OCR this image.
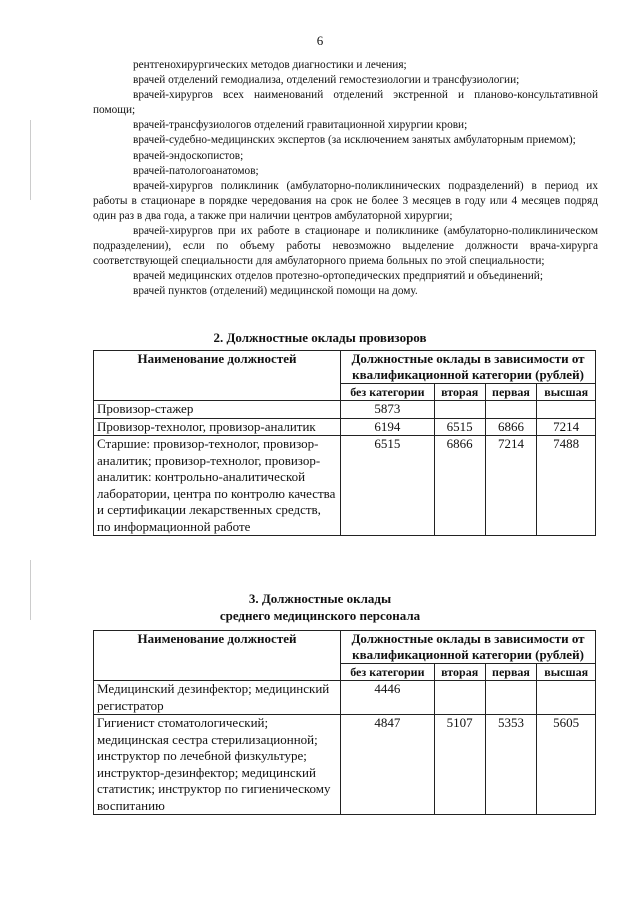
6

рентгенохирургических методов диагностики и лечения;

врачей отделений гемодиализа, отделений гемостезиологии и трансфузиологии;

врачей-хирургов всех наименований отделений экстренной и планово-консультативной помощи;

врачей-трансфузиологов отделений гравитационной хирургии крови;

врачей-судебно-медицинских экспертов (за исключением занятых амбулаторным приемом);

врачей-эндоскопистов;

врачей-патологоанатомов;

врачей-хирургов поликлиник (амбулаторно-поликлинических подразделений) в период их работы в стационаре в порядке чередования на срок не более 3 месяцев в году или 4 месяцев подряд один раз в два года, а также при наличии центров амбулаторной хирургии;

врачей-хирургов при их работе в стационаре и поликлинике (амбулаторно-поликлиническом подразделении), если по объему работы невозможно выделение должности врача-хирурга соответствующей специальности для амбулаторного приема больных по этой специальности;

врачей медицинских отделов протезно-ортопедических предприятий и объединений;

врачей пунктов (отделений) медицинской помощи на дому.

2. Должностные оклады провизоров
Наименование должностей	Должностные оклады в зависимости от квалификационной категории (рублей)			
	без категории	вторая	первая	высшая
Провизор-стажер	5873			
Провизор-технолог, провизор-аналитик	6194	6515	6866	7214
Старшие: провизор-технолог, провизор-аналитик; провизор-технолог, провизор-аналитик: контрольно-аналитической лаборатории, центра по контролю качества и сертификации лекарственных средств, по информационной работе	6515	6866	7214	7488
3. Должностные оклады
среднего медицинского персонала
Наименование должностей	Должностные оклады в зависимости от квалификационной категории (рублей)			
	без категории	вторая	первая	высшая
Медицинский дезинфектор; медицинский регистратор	4446			
Гигиенист стоматологический; медицинская сестра стерилизационной; инструктор по лечебной физкультуре; инструктор-дезинфектор; медицинский статистик; инструктор по гигиеническому воспитанию	4847	5107	5353	5605
